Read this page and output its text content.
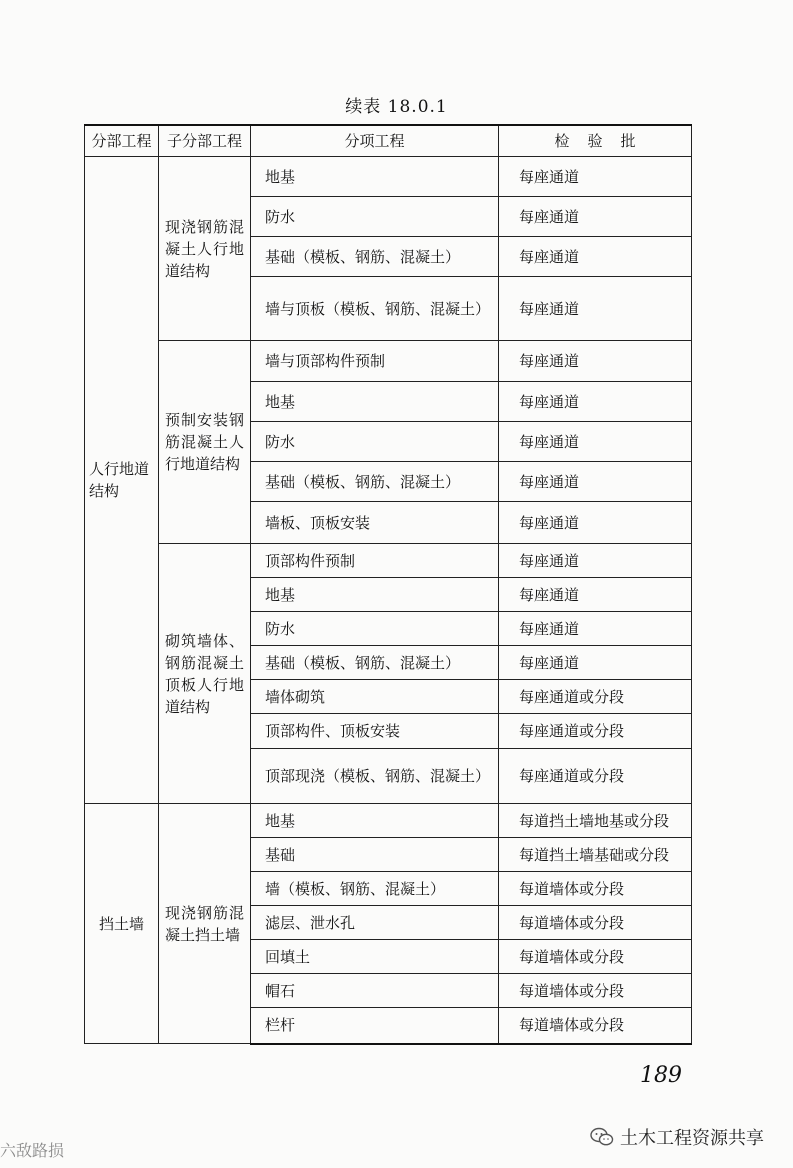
续表 18.0.1
分部工程	子分部工程	分项工程	检验批
人行地道结构	现浇钢筋混凝土人行地道结构	地基	每座通道
		防水	每座通道
		基础（模板、钢筋、混凝土）	每座通道
		墙与顶板（模板、钢筋、混凝土）	每座通道
	预制安装钢筋混凝土人行地道结构	墙与顶部构件预制	每座通道
		地基	每座通道
		防水	每座通道
		基础（模板、钢筋、混凝土）	每座通道
		墙板、顶板安装	每座通道
	砌筑墙体、钢筋混凝土顶板人行地道结构	顶部构件预制	每座通道
		地基	每座通道
		防水	每座通道
		基础（模板、钢筋、混凝土）	每座通道
		墙体砌筑	每座通道或分段
		顶部构件、顶板安装	每座通道或分段
		顶部现浇（模板、钢筋、混凝土）	每座通道或分段
挡土墙	现浇钢筋混凝土挡土墙	地基	每道挡土墙地基或分段
		基础	每道挡土墙基础或分段
		墙（模板、钢筋、混凝土）	每道墙体或分段
		滤层、泄水孔	每道墙体或分段
		回填土	每道墙体或分段
		帽石	每道墙体或分段
		栏杆	每道墙体或分段
189
六敌路损
土木工程资源共享
